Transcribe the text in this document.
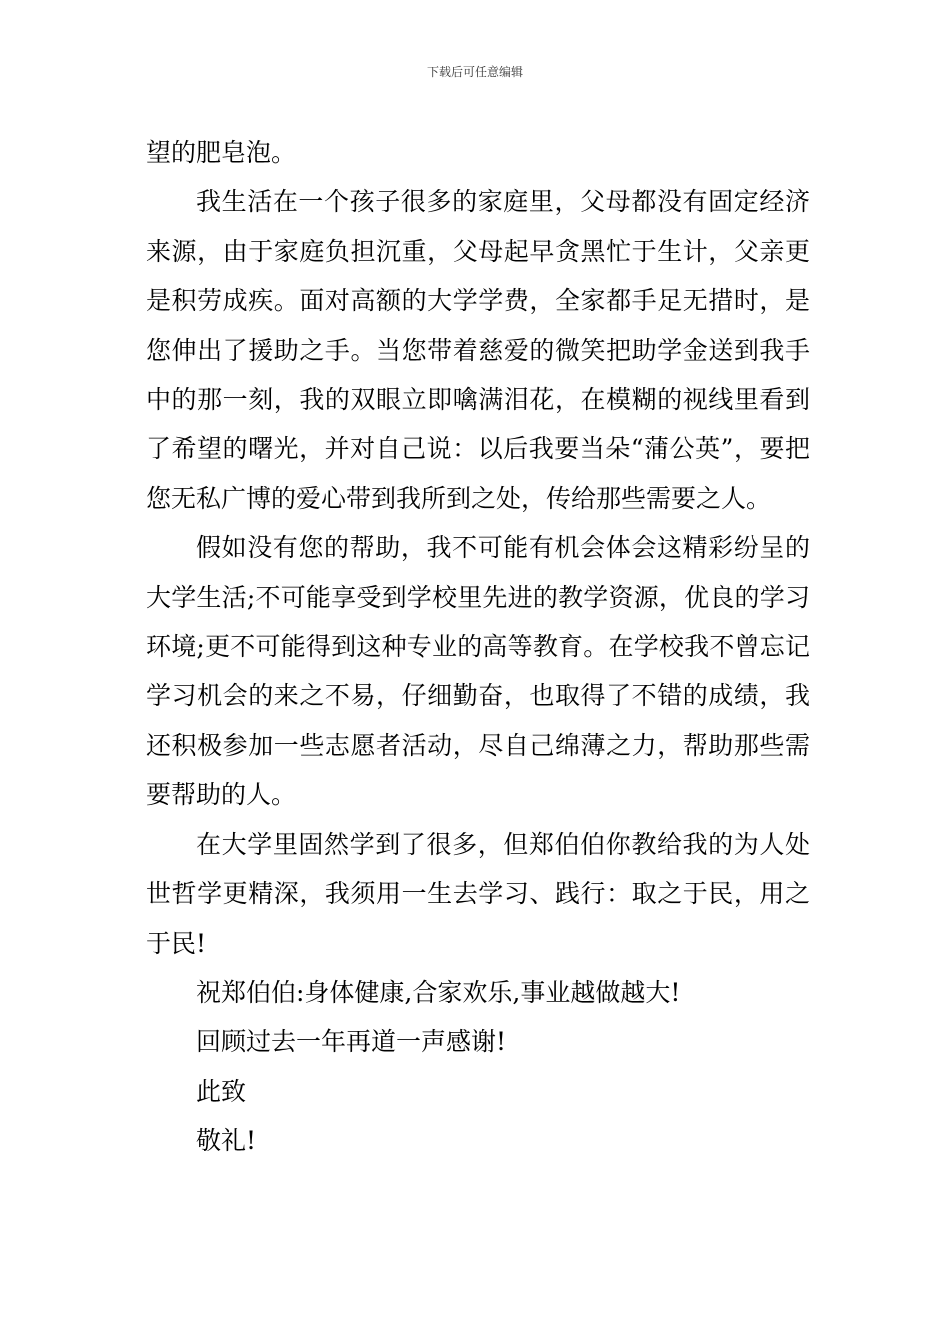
下载后可任意编辑

望的肥皂泡。

我生活在一个孩子很多的家庭里，父母都没有固定经济来源，由于家庭负担沉重，父母起早贪黑忙于生计，父亲更是积劳成疾。面对高额的大学学费，全家都手足无措时，是您伸出了援助之手。当您带着慈爱的微笑把助学金送到我手中的那一刻，我的双眼立即噙满泪花，在模糊的视线里看到了希望的曙光，并对自己说：以后我要当朵“蒲公英”，要把您无私广博的爱心带到我所到之处，传给那些需要之人。

假如没有您的帮助，我不可能有机会体会这精彩纷呈的大学生活;不可能享受到学校里先进的教学资源，优良的学习环境;更不可能得到这种专业的高等教育。在学校我不曾忘记学习机会的来之不易，仔细勤奋，也取得了不错的成绩，我还积极参加一些志愿者活动，尽自己绵薄之力，帮助那些需要帮助的人。

在大学里固然学到了很多，但郑伯伯你教给我的为人处世哲学更精深，我须用一生去学习、践行：取之于民，用之于民!

祝郑伯伯:身体健康,合家欢乐,事业越做越大!

回顾过去一年再道一声感谢!

此致

敬礼!
